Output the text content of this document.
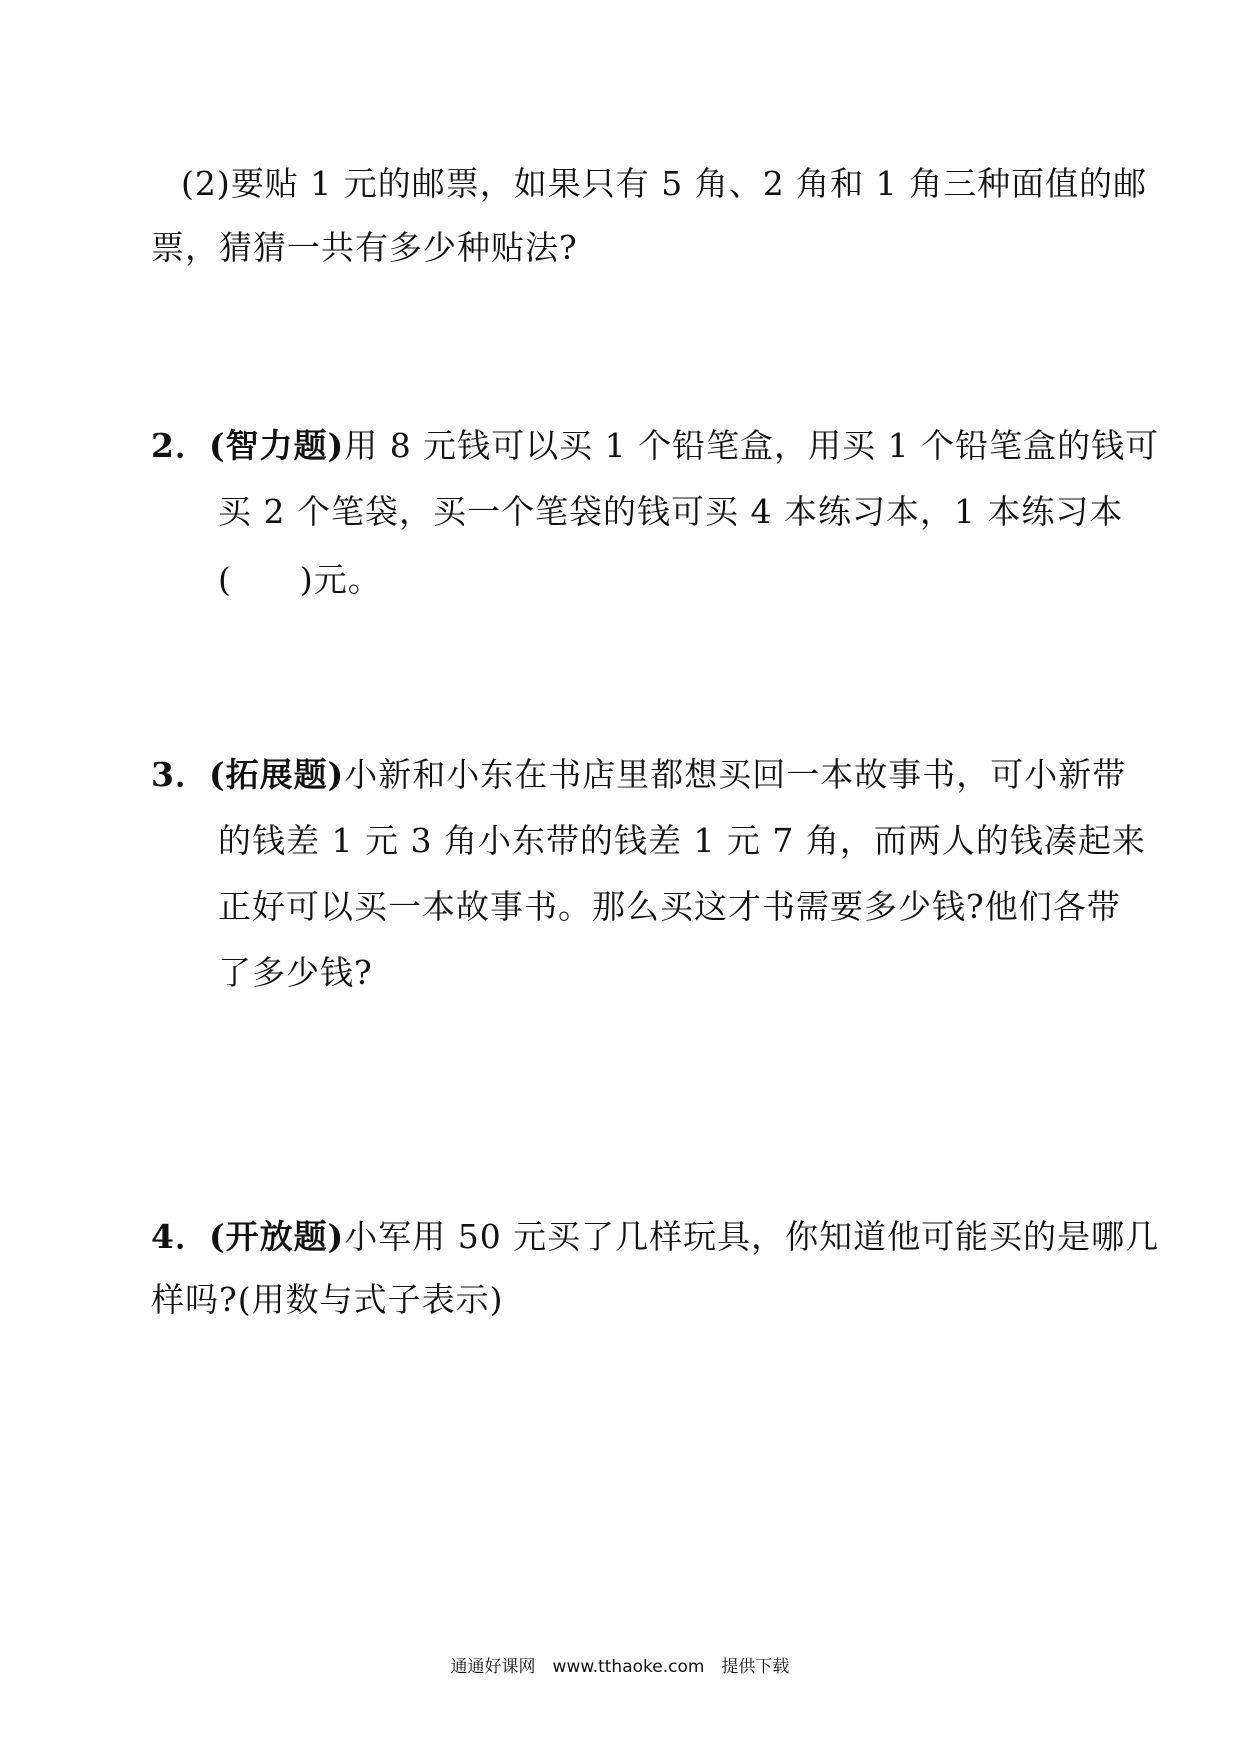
(2)要贴 1 元的邮票，如果只有 5 角、2 角和 1 角三种面值的邮
票，猜猜一共有多少种贴法?
2．(智力题)用 8 元钱可以买 1 个铅笔盒，用买 1 个铅笔盒的钱可
买 2 个笔袋，买一个笔袋的钱可买 4 本练习本，1 本练习本
(　　)元。
3．(拓展题)小新和小东在书店里都想买回一本故事书，可小新带
的钱差 1 元 3 角小东带的钱差 1 元 7 角，而两人的钱凑起来
正好可以买一本故事书。那么买这才书需要多少钱?他们各带
了多少钱?
4．(开放题)小军用 50 元买了几样玩具，你知道他可能买的是哪几
样吗?(用数与式子表示)
通通好课网　www.tthaoke.com　提供下载
